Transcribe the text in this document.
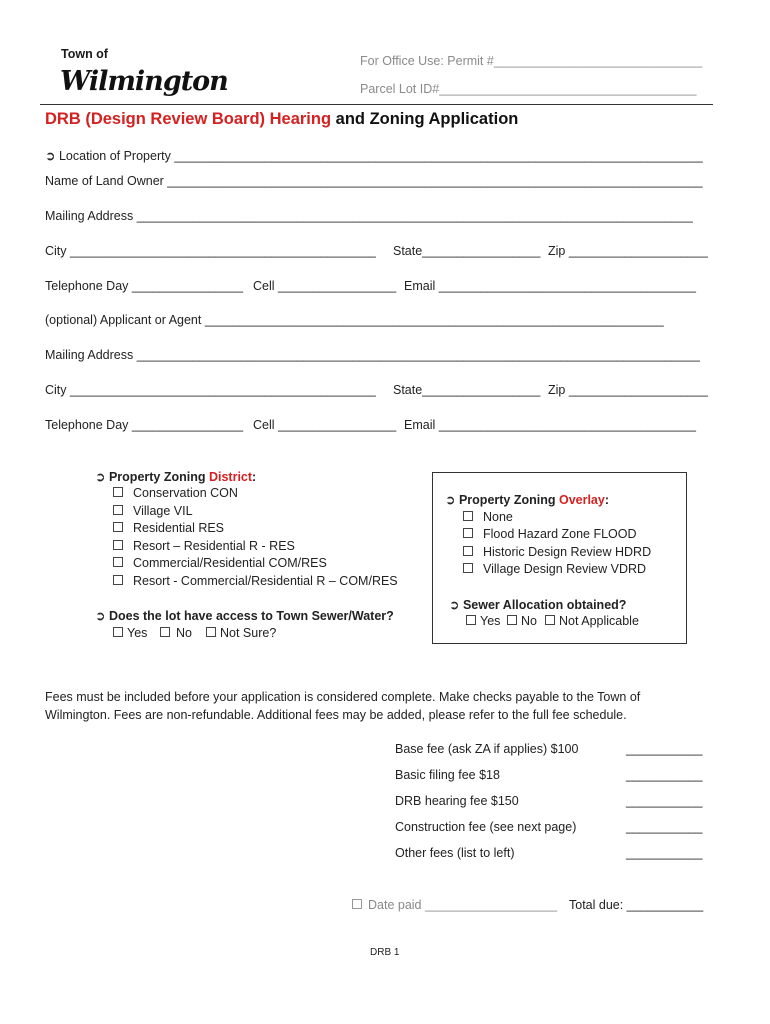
Town of
Wilmington
For Office Use: Permit #______________________________
Parcel Lot ID#_____________________________________
DRB (Design Review Board) Hearing and Zoning Application
➲ Location of Property ____________________________________________________________________________
Name of Land Owner _____________________________________________________________________________
Mailing Address ________________________________________________________________________________
City ____________________________________________ State_________________ Zip ____________________
Telephone Day ________________ Cell _________________ Email _____________________________________
(optional) Applicant or Agent __________________________________________________________________
Mailing Address _________________________________________________________________________________
City ____________________________________________ State_________________ Zip ____________________
Telephone Day ________________ Cell _________________ Email _____________________________________
➲ Property Zoning District:
Conservation CON
Village VIL
Residential RES
Resort – Residential R - RES
Commercial/Residential COM/RES
Resort - Commercial/Residential R – COM/RES
➲ Does the lot have access to Town Sewer/Water?
Yes	No	Not Sure?
➲ Property Zoning Overlay:
None
Flood Hazard Zone FLOOD
Historic Design Review HDRD
Village Design Review VDRD
➲ Sewer Allocation obtained?
Yes	No	Not Applicable
Fees must be included before your application is considered complete. Make checks payable to the Town of
Wilmington. Fees are non-refundable. Additional fees may be added, please refer to the full fee schedule.
Base fee (ask ZA if applies) $100	___________
Basic filing fee $18	___________
DRB hearing fee $150	___________
Construction fee (see next page)	___________
Other fees (list to left)	___________
Date paid ___________________ Total due: ___________
DRB 1
